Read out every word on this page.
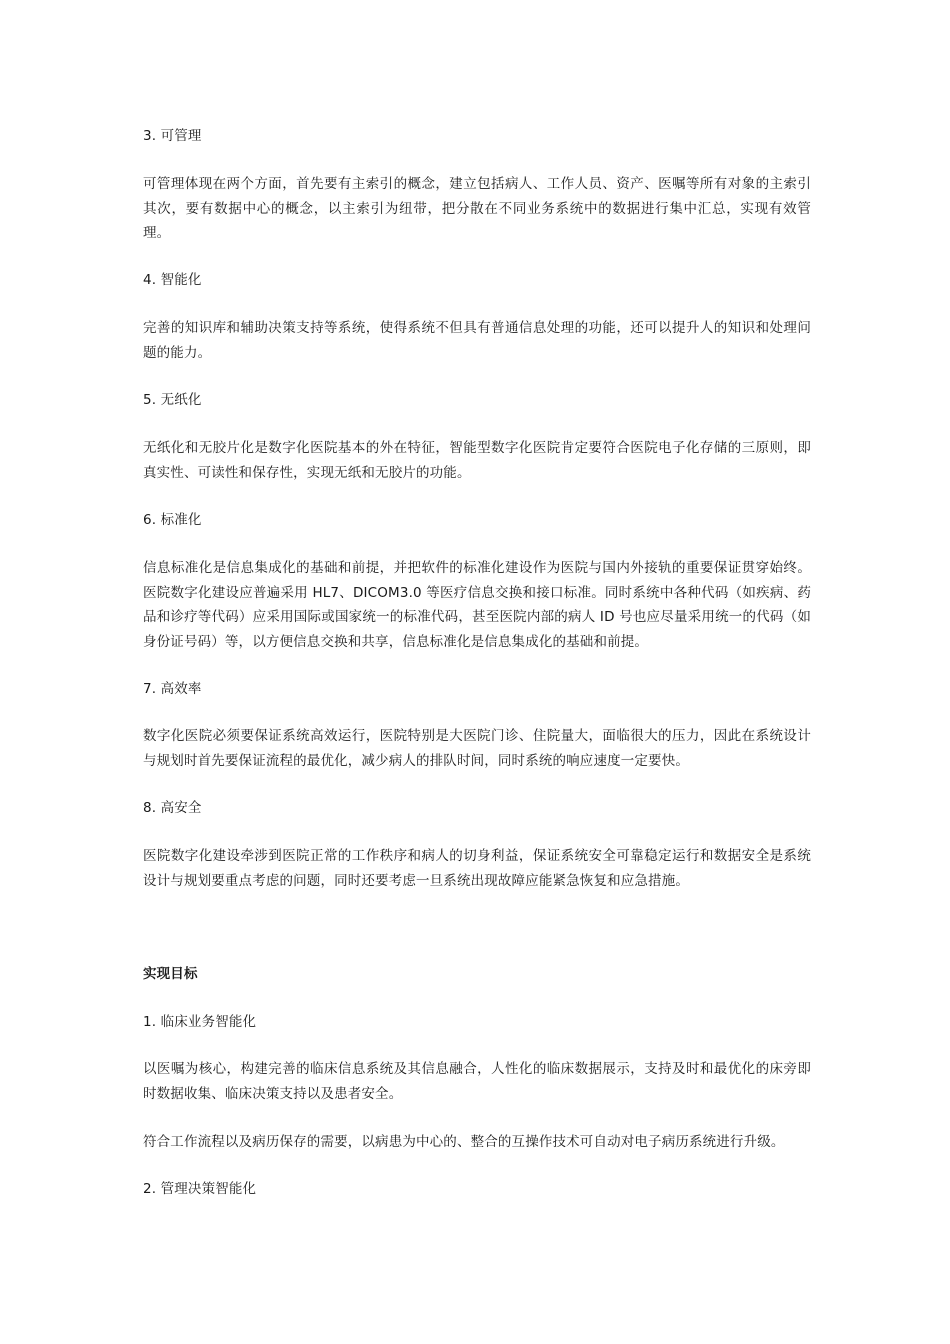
3. 可管理

可管理体现在两个方面，首先要有主索引的概念，建立包括病人、工作人员、资产、医嘱等所有对象的主索引 其次，要有数据中心的概念，以主索引为纽带，把分散在不同业务系统中的数据进行集中汇总，实现有效管理。

4. 智能化

完善的知识库和辅助决策支持等系统，使得系统不但具有普通信息处理的功能，还可以提升人的知识和处理问题的能力。

5. 无纸化

无纸化和无胶片化是数字化医院基本的外在特征，智能型数字化医院肯定要符合医院电子化存储的三原则，即真实性、可读性和保存性，实现无纸和无胶片的功能。

6. 标准化

信息标准化是信息集成化的基础和前提，并把软件的标准化建设作为医院与国内外接轨的重要保证贯穿始终。医院数字化建设应普遍采用 HL7、DICOM3.0 等医疗信息交换和接口标准。同时系统中各种代码（如疾病、药品和诊疗等代码）应采用国际或国家统一的标准代码，甚至医院内部的病人 ID 号也应尽量采用统一的代码（如身份证号码）等，以方便信息交换和共享，信息标准化是信息集成化的基础和前提。

7. 高效率

数字化医院必须要保证系统高效运行，医院特别是大医院门诊、住院量大，面临很大的压力，因此在系统设计与规划时首先要保证流程的最优化，减少病人的排队时间，同时系统的响应速度一定要快。

8. 高安全

医院数字化建设牵涉到医院正常的工作秩序和病人的切身利益，保证系统安全可靠稳定运行和数据安全是系统设计与规划要重点考虑的问题，同时还要考虑一旦系统出现故障应能紧急恢复和应急措施。

实现目标

1. 临床业务智能化

以医嘱为核心，构建完善的临床信息系统及其信息融合，人性化的临床数据展示，支持及时和最优化的床旁即时数据收集、临床决策支持以及患者安全。

符合工作流程以及病历保存的需要，以病患为中心的、整合的互操作技术可自动对电子病历系统进行升级。

2. 管理决策智能化
